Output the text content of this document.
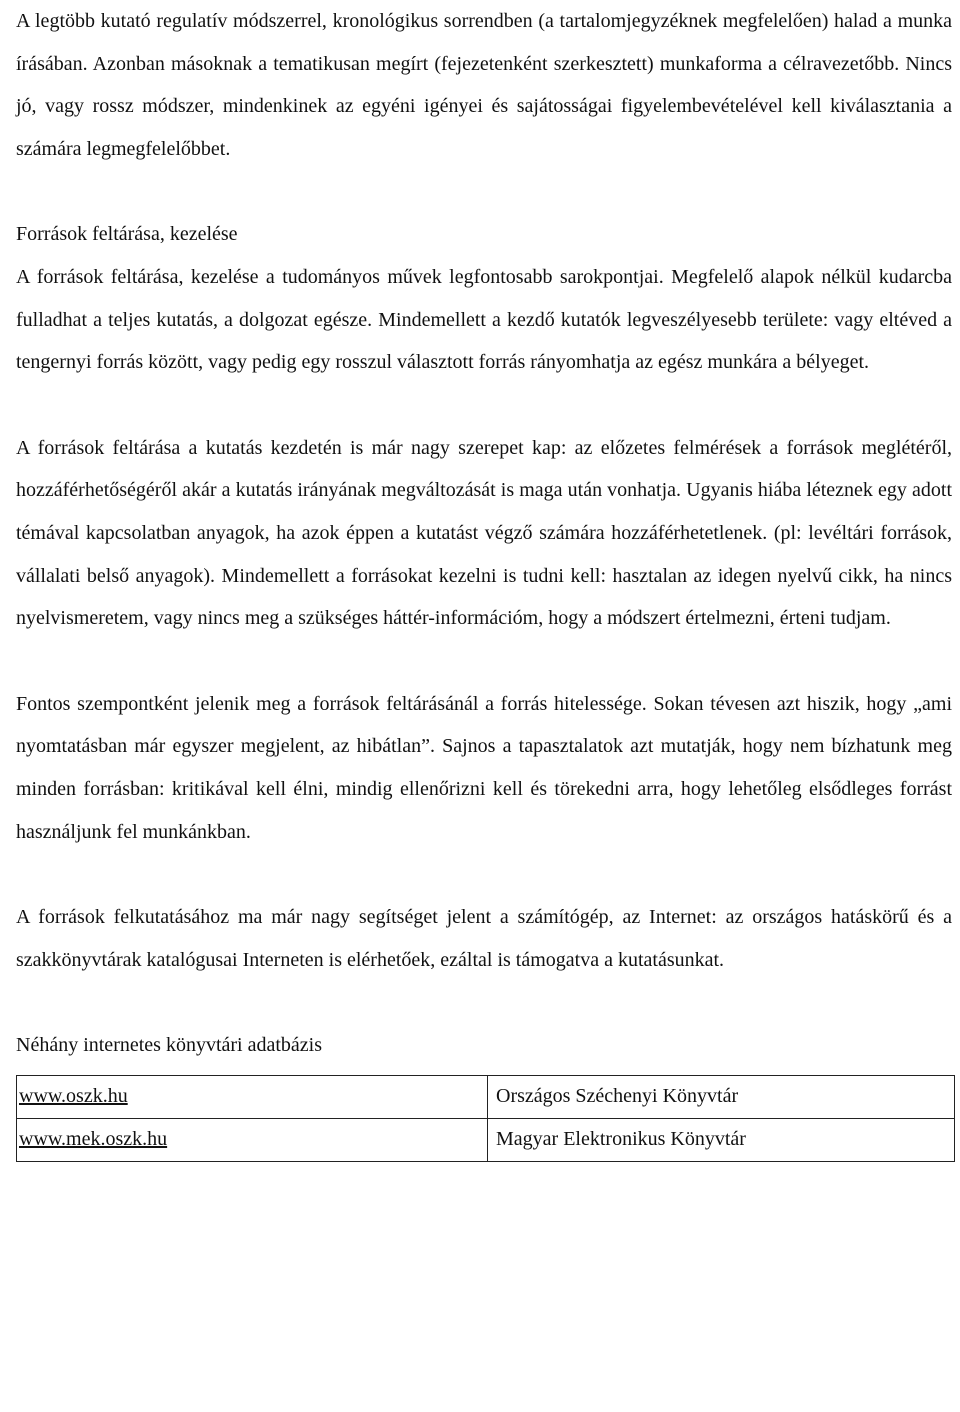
A legtöbb kutató regulatív módszerrel, kronológikus sorrendben (a tartalomjegyzéknek megfelelően) halad a munka írásában. Azonban másoknak a tematikusan megírt (fejezetenként szerkesztett) munkaforma a célravezetőbb. Nincs jó, vagy rossz módszer, mindenkinek az egyéni igényei és sajátosságai figyelembevételével kell kiválasztania a számára legmegfelelőbbet.

Források feltárása, kezelése

A források feltárása, kezelése a tudományos művek legfontosabb sarokpontjai. Megfelelő alapok nélkül kudarcba fulladhat a teljes kutatás, a dolgozat egésze. Mindemellett a kezdő kutatók legveszélyesebb területe: vagy eltéved a tengernyi forrás között, vagy pedig egy rosszul választott forrás rányomhatja az egész munkára a bélyeget.

A források feltárása a kutatás kezdetén is már nagy szerepet kap: az előzetes felmérések a források meglétéről, hozzáférhetőségéről akár a kutatás irányának megváltozását is maga után vonhatja. Ugyanis hiába léteznek egy adott témával kapcsolatban anyagok, ha azok éppen a kutatást végző számára hozzáférhetetlenek. (pl: levéltári források, vállalati belső anyagok). Mindemellett a forrásokat kezelni is tudni kell: hasztalan az idegen nyelvű cikk, ha nincs nyelvismeretem, vagy nincs meg a szükséges háttér-információm, hogy a módszert értelmezni, érteni tudjam.

Fontos szempontként jelenik meg a források feltárásánál a forrás hitelessége. Sokan tévesen azt hiszik, hogy „ami nyomtatásban már egyszer megjelent, az hibátlan”. Sajnos a tapasztalatok azt mutatják, hogy nem bízhatunk meg minden forrásban: kritikával kell élni, mindig ellenőrizni kell és törekedni arra, hogy lehetőleg elsődleges forrást használjunk fel munkánkban.

A források felkutatásához ma már nagy segítséget jelent a számítógép, az Internet: az országos hatáskörű és a szakkönyvtárak katalógusai Interneten is elérhetőek, ezáltal is támogatva a kutatásunkat.

Néhány internetes könyvtári adatbázis

www.oszk.hu	Országos Széchenyi Könyvtár
www.mek.oszk.hu	Magyar Elektronikus Könyvtár
